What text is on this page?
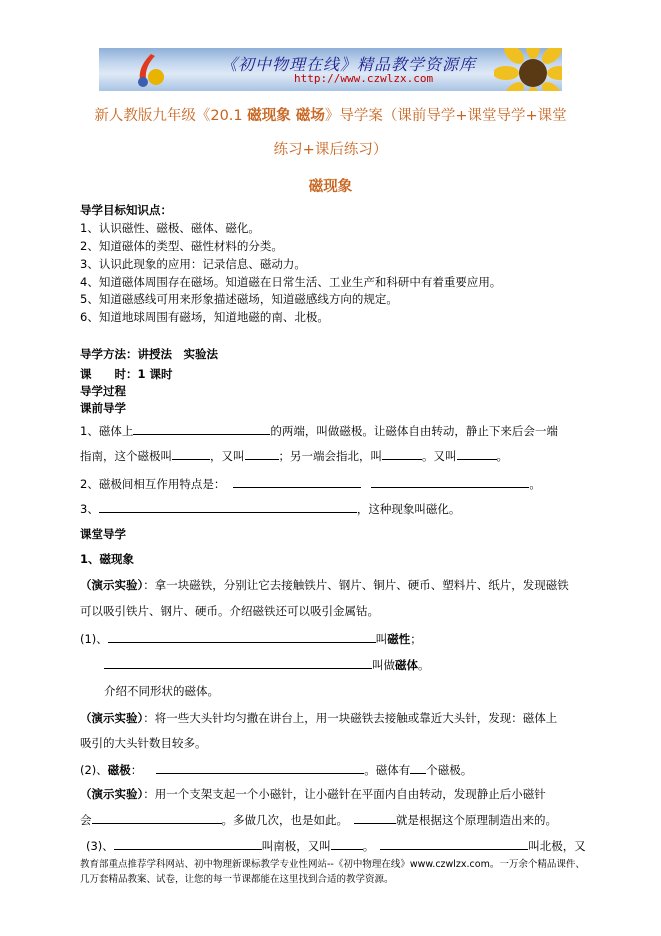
《初中物理在线》精品教学资源库
http://www.czwlzx.com
新人教版九年级《20.1 磁现象 磁场》导学案（课前导学+课堂导学+课堂
练习+课后练习）
磁现象
导学目标知识点：
1、认识磁性、磁极、磁体、磁化。
2、知道磁体的类型、磁性材料的分类。
3、认识此现象的应用：记录信息、磁动力。
4、知道磁体周围存在磁场。知道磁在日常生活、工业生产和科研中有着重要应用。
5、知道磁感线可用来形象描述磁场，知道磁感线方向的规定。
6、知道地球周围有磁场，知道地磁的南、北极。
导学方法：讲授法　实验法
课　　时：1 课时
导学过程
课前导学
1、磁体上	的两端，叫做磁极。让磁体自由转动，静止下来后会一端
指南，这个磁极叫	，又叫	；另一端会指北，叫	。又叫	。
2、磁极间相互作用特点是：	。
3、	，这种现象叫磁化。
课堂导学
1、磁现象
（演示实验）：拿一块磁铁，分别让它去接触铁片、钢片、铜片、硬币、塑料片、纸片，发现磁铁
可以吸引铁片、钢片、硬币。介绍磁铁还可以吸引金属钴。
(1)、	叫磁性；
叫做磁体。
介绍不同形状的磁体。
（演示实验）：将一些大头针均匀撒在讲台上，用一块磁铁去接触或靠近大头针，发现：磁体上
吸引的大头针数目较多。
(2)、磁极：	。磁体有 个磁极。
（演示实验）：用一个支架支起一个小磁针，让小磁针在平面内自由转动，发现静止后小磁针
会	。多做几次，也是如此。	就是根据这个原理制造出来的。
(3)、	叫南极，又叫	。	叫北极，又
教育部重点推荐学科网站、初中物理新课标教学专业性网站--《初中物理在线》www.czwlzx.com。一万余个精品课件、
几万套精品教案、试卷，让您的每一节课都能在这里找到合适的教学资源。
